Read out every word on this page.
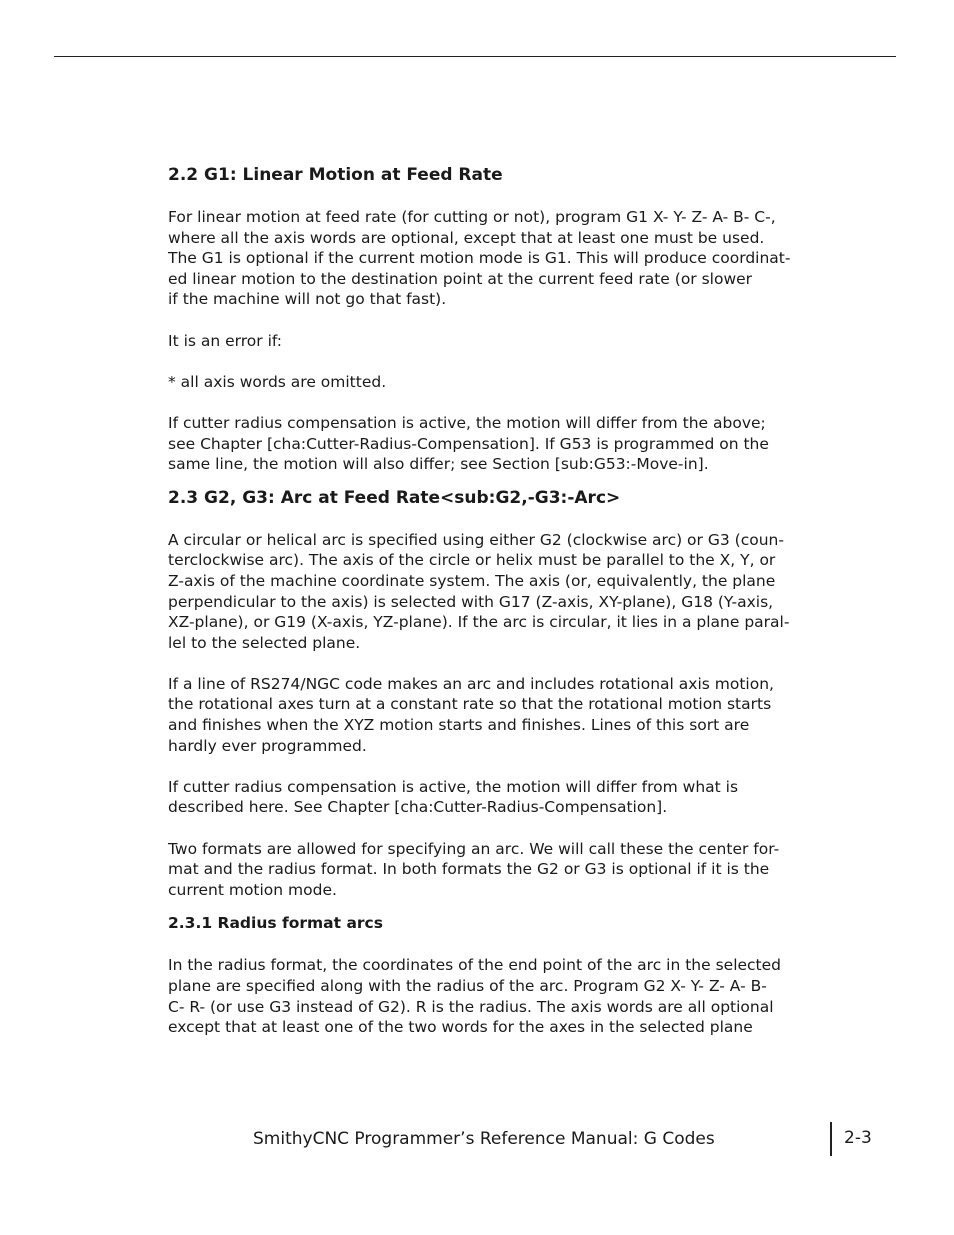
2.2 G1: Linear Motion at Feed Rate
For linear motion at feed rate (for cutting or not), program G1 X- Y- Z- A- B- C-,
where all the axis words are optional, except that at least one must be used.
The G1 is optional if the current motion mode is G1. This will produce coordinat-
ed linear motion to the destination point at the current feed rate (or slower
if the machine will not go that fast).
It is an error if:
* all axis words are omitted.
If cutter radius compensation is active, the motion will differ from the above;
see Chapter [cha:Cutter-Radius-Compensation]. If G53 is programmed on the
same line, the motion will also differ; see Section [sub:G53:-Move-in].
2.3 G2, G3: Arc at Feed Rate<sub:G2,-G3:-Arc>
A circular or helical arc is specified using either G2 (clockwise arc) or G3 (coun-
terclockwise arc). The axis of the circle or helix must be parallel to the X, Y, or
Z-axis of the machine coordinate system. The axis (or, equivalently, the plane
perpendicular to the axis) is selected with G17 (Z-axis, XY-plane), G18 (Y-axis,
XZ-plane), or G19 (X-axis, YZ-plane). If the arc is circular, it lies in a plane paral-
lel to the selected plane.
If a line of RS274/NGC code makes an arc and includes rotational axis motion,
the rotational axes turn at a constant rate so that the rotational motion starts
and finishes when the XYZ motion starts and finishes. Lines of this sort are
hardly ever programmed.
If cutter radius compensation is active, the motion will differ from what is
described here. See Chapter [cha:Cutter-Radius-Compensation].
Two formats are allowed for specifying an arc. We will call these the center for-
mat and the radius format. In both formats the G2 or G3 is optional if it is the
current motion mode.
2.3.1 Radius format arcs
In the radius format, the coordinates of the end point of the arc in the selected
plane are specified along with the radius of the arc. Program G2 X- Y- Z- A- B-
C- R- (or use G3 instead of G2). R is the radius. The axis words are all optional
except that at least one of the two words for the axes in the selected plane
SmithyCNC Programmer’s Reference Manual: G Codes	2-3
